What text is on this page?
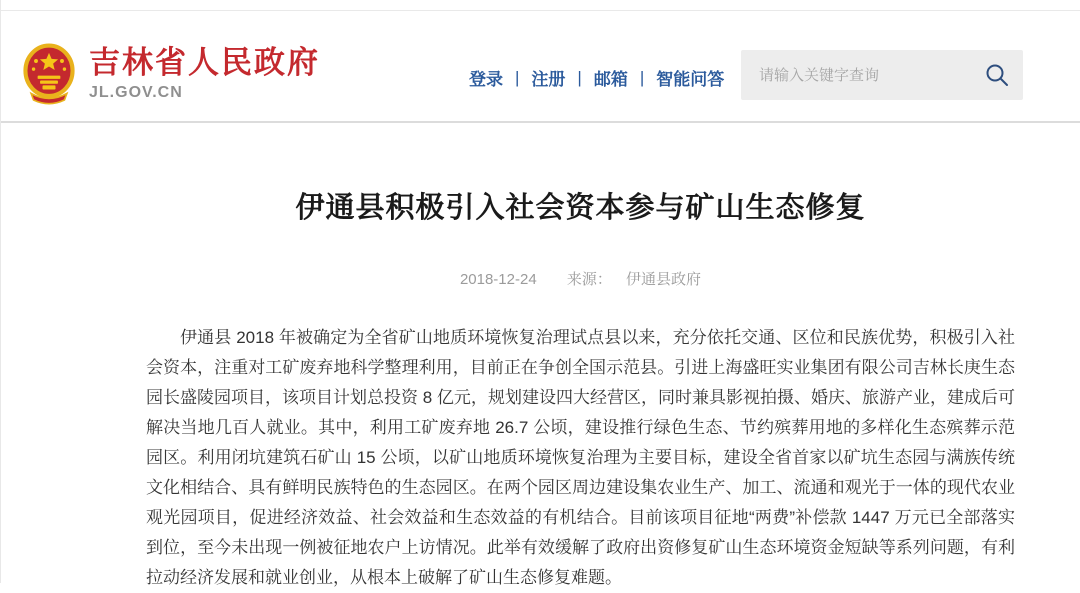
吉林省人民政府
JL.GOV.CN
登录 | 注册 | 邮箱 | 智能问答
请输入关键字查询
伊通县积极引入社会资本参与矿山生态修复
2018-12-24 来源： 伊通县政府

伊通县 2018 年被确定为全省矿山地质环境恢复治理试点县以来，充分依托交通、区位和民族优势，积极引入社会资本，注重对工矿废弃地科学整理利用，目前正在争创全国示范县。引进上海盛旺实业集团有限公司吉林长庚生态园长盛陵园项目，该项目计划总投资 8 亿元，规划建设四大经营区，同时兼具影视拍摄、婚庆、旅游产业，建成后可解决当地几百人就业。其中，利用工矿废弃地 26.7 公顷，建设推行绿色生态、节约殡葬用地的多样化生态殡葬示范园区。利用闭坑建筑石矿山 15 公顷，以矿山地质环境恢复治理为主要目标，建设全省首家以矿坑生态园与满族传统文化相结合、具有鲜明民族特色的生态园区。在两个园区周边建设集农业生产、加工、流通和观光于一体的现代农业观光园项目，促进经济效益、社会效益和生态效益的有机结合。目前该项目征地“两费”补偿款 1447 万元已全部落实到位，至今未出现一例被征地农户上访情况。此举有效缓解了政府出资修复矿山生态环境资金短缺等系列问题，有利拉动经济发展和就业创业，从根本上破解了矿山生态修复难题。
